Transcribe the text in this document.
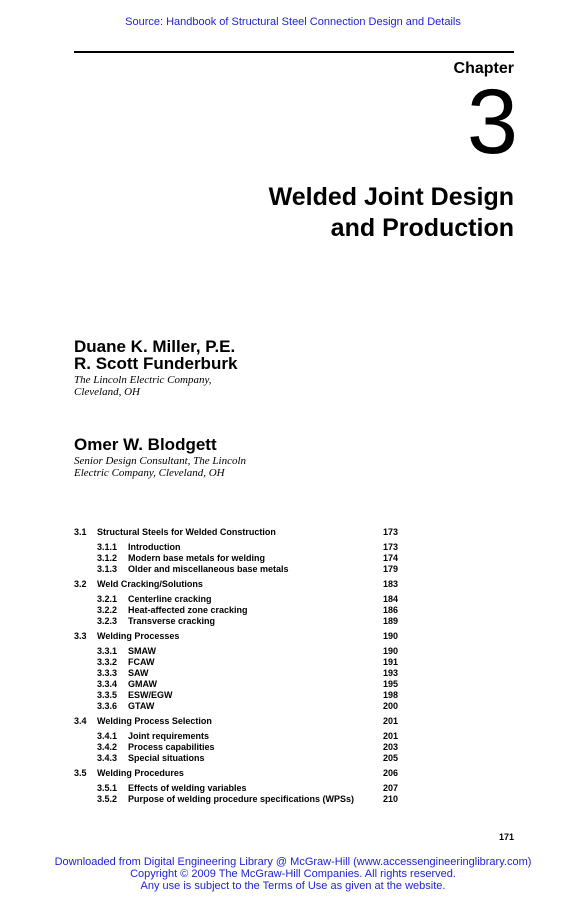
Source: Handbook of Structural Steel Connection Design and Details
Chapter
3
Welded Joint Design
and Production
Duane K. Miller, P.E.
R. Scott Funderburk
The Lincoln Electric Company,
Cleveland, OH
Omer W. Blodgett
Senior Design Consultant, The Lincoln
Electric Company, Cleveland, OH
3.1 Structural Steels for Welded Construction	173
3.1.1 Introduction	173
3.1.2 Modern base metals for welding	174
3.1.3 Older and miscellaneous base metals	179
3.2 Weld Cracking/Solutions	183
3.2.1 Centerline cracking	184
3.2.2 Heat-affected zone cracking	186
3.2.3 Transverse cracking	189
3.3 Welding Processes	190
3.3.1 SMAW	190
3.3.2 FCAW	191
3.3.3 SAW	193
3.3.4 GMAW	195
3.3.5 ESW/EGW	198
3.3.6 GTAW	200
3.4 Welding Process Selection	201
3.4.1 Joint requirements	201
3.4.2 Process capabilities	203
3.4.3 Special situations	205
3.5 Welding Procedures	206
3.5.1 Effects of welding variables	207
3.5.2 Purpose of welding procedure specifications (WPSs)	210
171
Downloaded from Digital Engineering Library @ McGraw-Hill (www.accessengineeringlibrary.com)
Copyright © 2009 The McGraw-Hill Companies. All rights reserved.
Any use is subject to the Terms of Use as given at the website.
